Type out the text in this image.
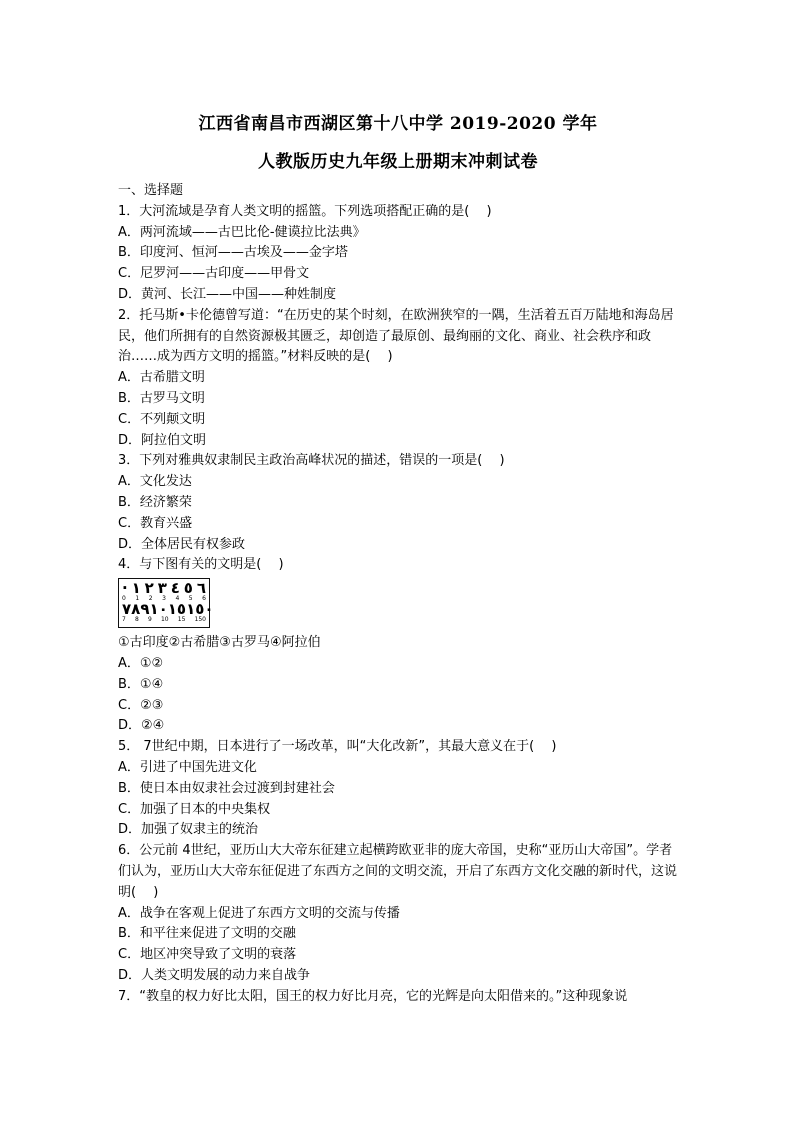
江西省南昌市西湖区第十八中学 2019-2020 学年
人教版历史九年级上册期末冲刺试卷
一、选择题
1．大河流域是孕育人类文明的摇篮。下列选项搭配正确的是(　 )
A．两河流域——古巴比伦-健谟拉比法典》
B．印度河、恒河——古埃及——金字塔
C．尼罗河——古印度——甲骨文
D．黄河、长江——中国——种姓制度
2．托马斯•卡伦德曾写道：“在历史的某个时刻，在欧洲狭窄的一隅，生活着五百万陆地和海岛居民，他们所拥有的自然资源极其匮乏，却创造了最原创、最绚丽的文化、商业、社会秩序和政治……成为西方文明的摇篮。”材料反映的是(　 )
A．古希腊文明
B．古罗马文明
C．不列颠文明
D．阿拉伯文明
3．下列对雅典奴隶制民主政治高峰状况的描述，错误的一项是(　 )
A．文化发达
B．经济繁荣
C．教育兴盛
D．全体居民有权参政
4．与下图有关的文明是(　 )
· ١ ٢ ٣ ٤ ٥ ٦
0 1 2 3 4 5 6
٧ ٨ ٩ ١٠ ١٥ ١٥٠
7 8 9 10 15 150
①古印度②古希腊③古罗马④阿拉伯
A．①②
B．①④
C．②③
D．②④
5． 7世纪中期，日本进行了一场改革，叫“大化改新”，其最大意义在于(　 )
A．引进了中国先进文化
B．使日本由奴隶社会过渡到封建社会
C．加强了日本的中央集权
D．加强了奴隶主的统治
6．公元前 4世纪，亚历山大大帝东征建立起横跨欧亚非的庞大帝国，史称“亚历山大帝国”。学者们认为，亚历山大大帝东征促进了东西方之间的文明交流，开启了东西方文化交融的新时代，这说明(　 )
A．战争在客观上促进了东西方文明的交流与传播
B．和平往来促进了文明的交融
C．地区冲突导致了文明的衰落
D．人类文明发展的动力来自战争
7．“教皇的权力好比太阳，国王的权力好比月亮，它的光辉是向太阳借来的。”这种现象说
